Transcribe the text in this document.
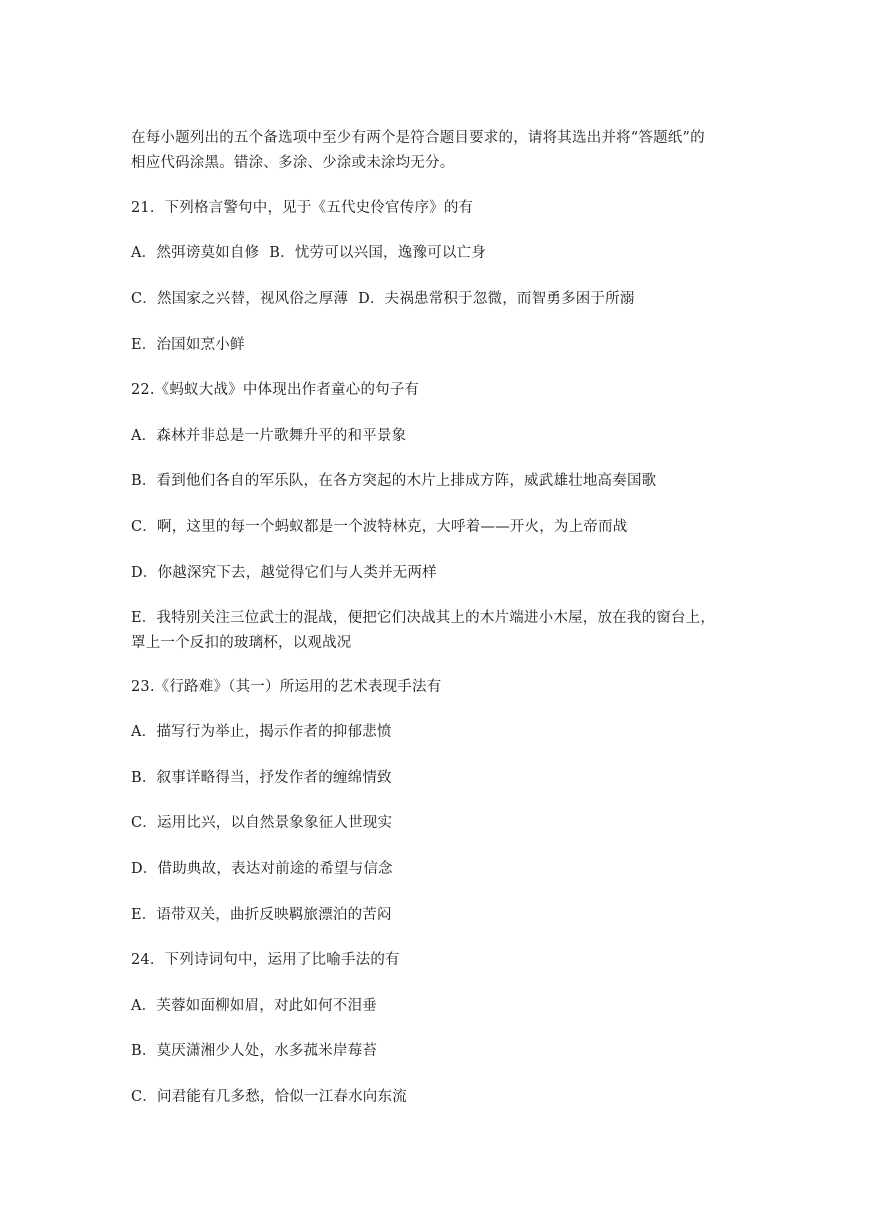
在每小题列出的五个备选项中至少有两个是符合题目要求的，请将其选出并将“答题纸”的
相应代码涂黑。错涂、多涂、少涂或未涂均无分。
21．下列格言警句中，见于《五代史伶官传序》的有
A．然弭谤莫如自修 B．忧劳可以兴国，逸豫可以亡身
C．然国家之兴替，视风俗之厚薄 D．夫祸患常积于忽微，而智勇多困于所溺
E．治国如烹小鲜
22.《蚂蚁大战》中体现出作者童心的句子有
A．森林并非总是一片歌舞升平的和平景象
B．看到他们各自的军乐队，在各方突起的木片上排成方阵，威武雄壮地高奏国歌
C．啊，这里的每一个蚂蚁都是一个波特林克，大呼着——开火，为上帝而战
D．你越深究下去，越觉得它们与人类并无两样
E．我特别关注三位武士的混战，便把它们决战其上的木片端进小木屋，放在我的窗台上，
罩上一个反扣的玻璃杯，以观战况
23.《行路难》（其一）所运用的艺术表现手法有
A．描写行为举止，揭示作者的抑郁悲愤
B．叙事详略得当，抒发作者的缠绵情致
C．运用比兴，以自然景象象征人世现实
D．借助典故，表达对前途的希望与信念
E．语带双关，曲折反映羁旅漂泊的苦闷
24．下列诗词句中，运用了比喻手法的有
A．芙蓉如面柳如眉，对此如何不泪垂
B．莫厌潇湘少人处，水多菰米岸莓苔
C．问君能有几多愁，恰似一江春水向东流
